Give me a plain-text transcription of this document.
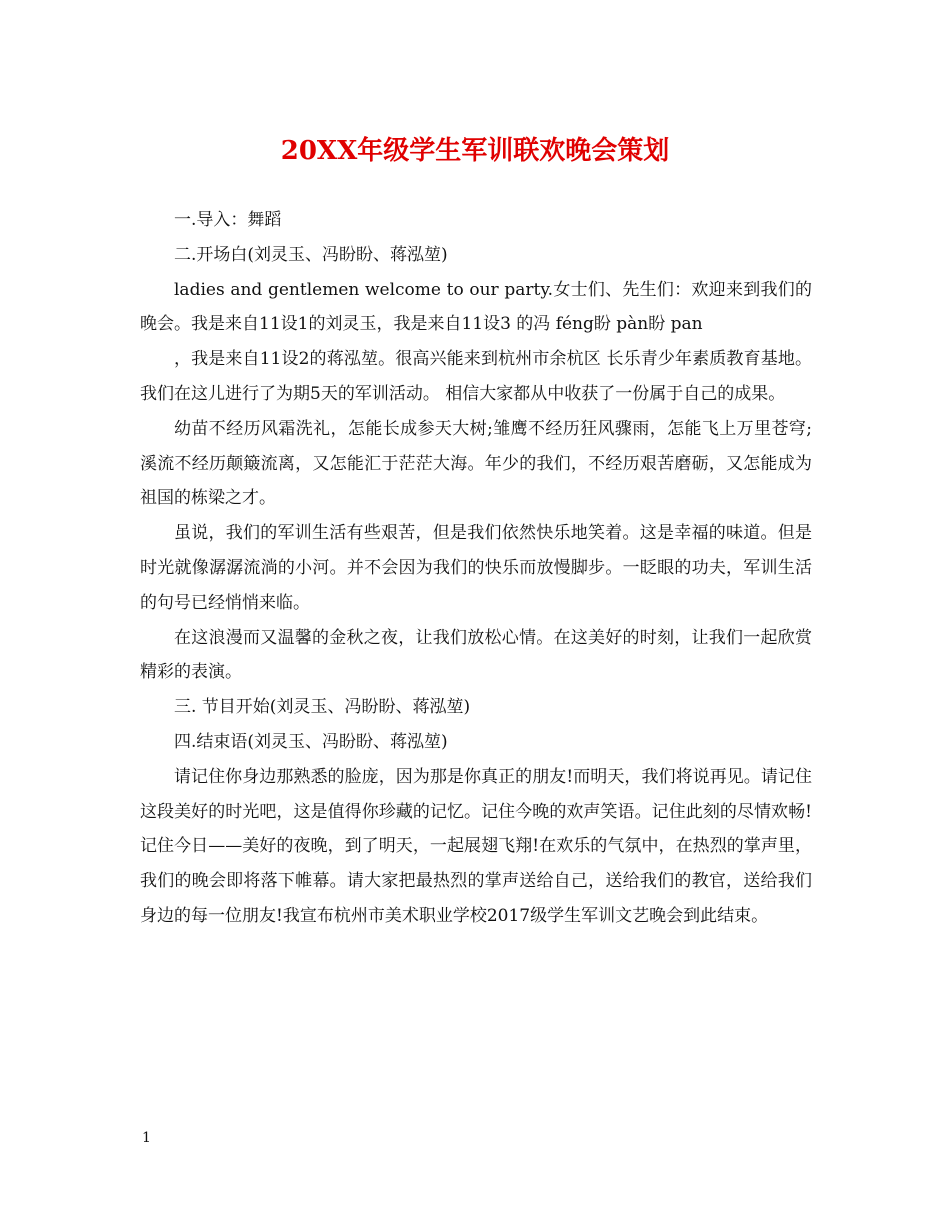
20XX年级学生军训联欢晚会策划

一.导入：舞蹈

二.开场白(刘灵玉、冯盼盼、蒋泓堃)

ladies and gentlemen welcome to our party.女士们、先生们：欢迎来到我们的晚会。我是来自11设1的刘灵玉，我是来自11设3 的冯 féng盼 pàn盼 pan

，我是来自11设2的蒋泓堃。很高兴能来到杭州市余杭区 长乐青少年素质教育基地。我们在这儿进行了为期5天的军训活动。 相信大家都从中收获了一份属于自己的成果。

幼苗不经历风霜洗礼，怎能长成参天大树;雏鹰不经历狂风骤雨，怎能飞上万里苍穹;溪流不经历颠簸流离，又怎能汇于茫茫大海。年少的我们，不经历艰苦磨砺，又怎能成为祖国的栋梁之才。

虽说，我们的军训生活有些艰苦，但是我们依然快乐地笑着。这是幸福的味道。但是时光就像潺潺流淌的小河。并不会因为我们的快乐而放慢脚步。一眨眼的功夫，军训生活的句号已经悄悄来临。

在这浪漫而又温馨的金秋之夜，让我们放松心情。在这美好的时刻，让我们一起欣赏精彩的表演。

三. 节目开始(刘灵玉、冯盼盼、蒋泓堃)

四.结束语(刘灵玉、冯盼盼、蒋泓堃)

请记住你身边那熟悉的脸庞，因为那是你真正的朋友!而明天，我们将说再见。请记住这段美好的时光吧，这是值得你珍藏的记忆。记住今晚的欢声笑语。记住此刻的尽情欢畅!记住今日——美好的夜晚，到了明天，一起展翅飞翔!在欢乐的气氛中，在热烈的掌声里，我们的晚会即将落下帷幕。请大家把最热烈的掌声送给自己，送给我们的教官，送给我们身边的每一位朋友!我宣布杭州市美术职业学校2017级学生军训文艺晚会到此结束。

1
